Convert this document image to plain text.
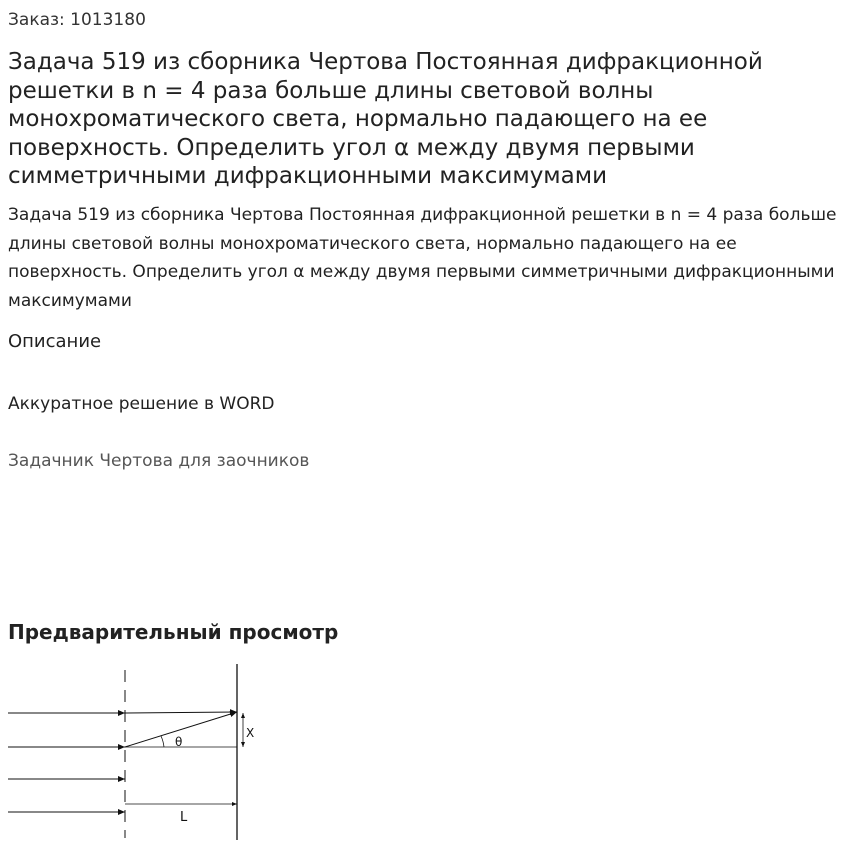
Заказ: 1013180
Задача 519 из сборника Чертова Постоянная дифракционной решетки в n = 4 раза больше длины световой волны монохроматического света, нормально падающего на ее поверхность. Определить угол α между двумя первыми симметричными дифракционными максимумами

Задача 519 из сборника Чертова Постоянная дифракционной решетки в n = 4 раза больше длины световой волны монохроматического света, нормально падающего на ее поверхность. Определить угол α между двумя первыми симметричными дифракционными максимумами

Описание
Аккуратное решение в WORD
Задачник Чертова для заочников
Предварительный просмотр
θ
X
L
